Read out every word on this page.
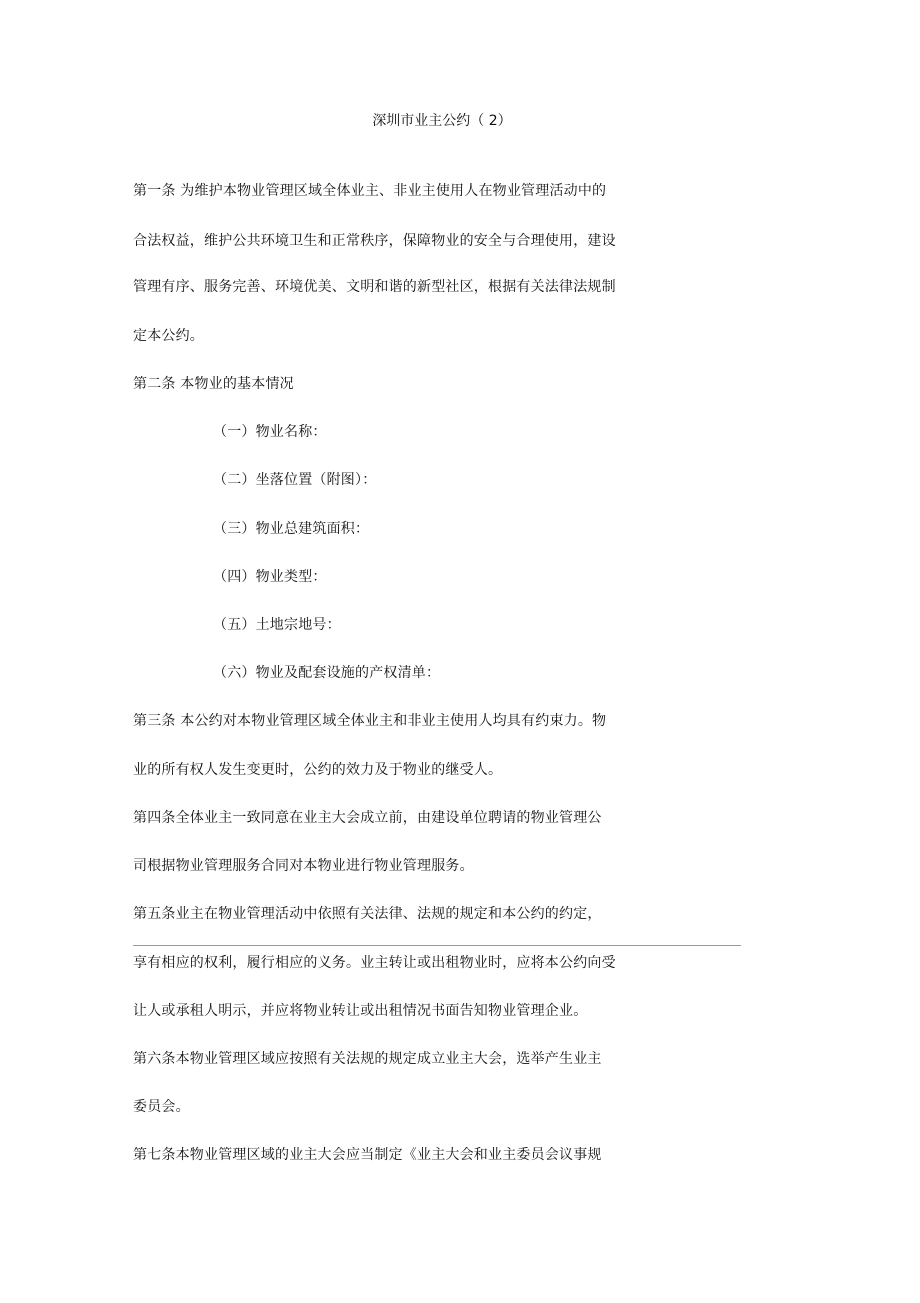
深圳市业主公约（ 2）
第一条 为维护本物业管理区域全体业主、非业主使用人在物业管理活动中的
合法权益，维护公共环境卫生和正常秩序，保障物业的安全与合理使用，建设
管理有序、服务完善、环境优美、文明和谐的新型社区，根据有关法律法规制
定本公约。
第二条 本物业的基本情况
（一）物业名称：
（二）坐落位置（附图）：
（三）物业总建筑面积：
（四）物业类型：
（五）土地宗地号：
（六）物业及配套设施的产权清单：
第三条 本公约对本物业管理区域全体业主和非业主使用人均具有约束力。物
业的所有权人发生变更时，公约的效力及于物业的继受人。
第四条全体业主一致同意在业主大会成立前，由建设单位聘请的物业管理公
司根据物业管理服务合同对本物业进行物业管理服务。
第五条业主在物业管理活动中依照有关法律、法规的规定和本公约的约定，
享有相应的权利，履行相应的义务。业主转让或出租物业时，应将本公约向受
让人或承租人明示，并应将物业转让或出租情况书面告知物业管理企业。
第六条本物业管理区域应按照有关法规的规定成立业主大会，选举产生业主
委员会。
第七条本物业管理区域的业主大会应当制定《业主大会和业主委员会议事规
